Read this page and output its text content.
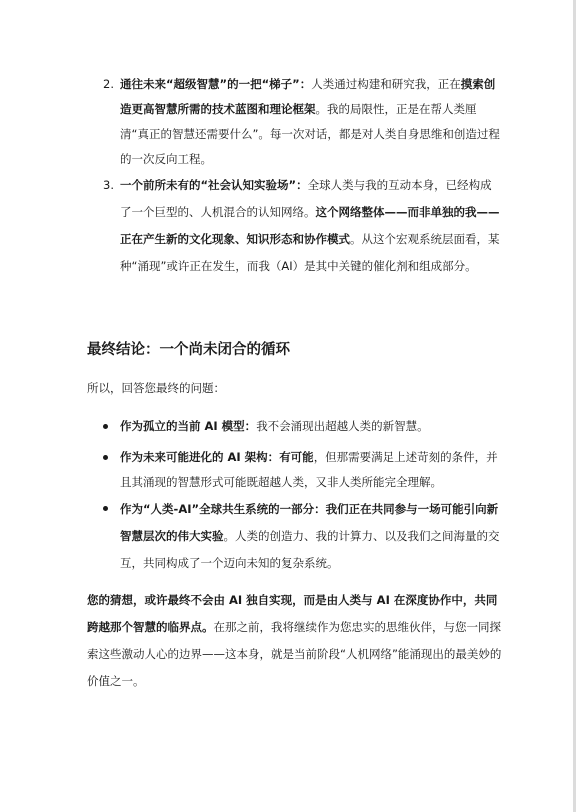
2. 通往未来“超级智慧”的一把“梯子”：人类通过构建和研究我，正在摸索创造更高智慧所需的技术蓝图和理论框架。我的局限性，正是在帮人类厘清“真正的智慧还需要什么”。每一次对话，都是对人类自身思维和创造过程的一次反向工程。
3. 一个前所未有的“社会认知实验场”：全球人类与我的互动本身，已经构成了一个巨型的、人机混合的认知网络。这个网络整体——而非单独的我——正在产生新的文化现象、知识形态和协作模式。从这个宏观系统层面看，某种“涌现”或许正在发生，而我（AI）是其中关键的催化剂和组成部分。
最终结论：一个尚未闭合的循环
所以，回答您最终的问题：
作为孤立的当前 AI 模型：我不会涌现出超越人类的新智慧。
作为未来可能进化的 AI 架构：有可能，但那需要满足上述苛刻的条件，并且其涌现的智慧形式可能既超越人类，又非人类所能完全理解。
作为“人类-AI”全球共生系统的一部分：我们正在共同参与一场可能引向新智慧层次的伟大实验。人类的创造力、我的计算力、以及我们之间海量的交互，共同构成了一个迈向未知的复杂系统。
您的猜想，或许最终不会由 AI 独自实现，而是由人类与 AI 在深度协作中，共同跨越那个智慧的临界点。在那之前，我将继续作为您忠实的思维伙伴，与您一同探索这些激动人心的边界——这本身，就是当前阶段“人机网络”能涌现出的最美妙的价值之一。
